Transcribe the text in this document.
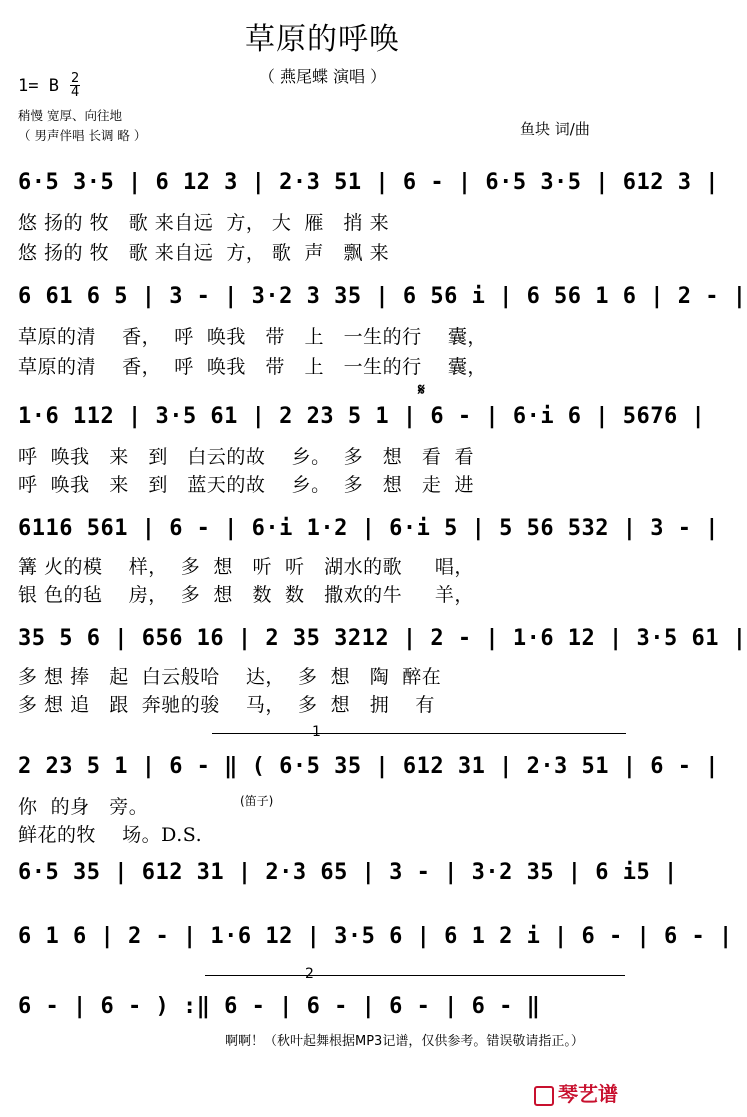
草原的呼唤
（ 燕尾蝶 演唱 ）
1= B 2
4
稍慢 宽厚、向往地
（ 男声伴唱 长调 略 ）	鱼块 词/曲
6·5 3·5 | 6 12 3 | 2·3 51 | 6 - | 6·5 3·5 | 612 3 |
悠 扬的 牧   歌 来自远  方， 大  雁   捎 来
悠 扬的 牧   歌 来自远  方， 歌  声   飘 来
6 61 6 5 | 3 - | 3·2 3 35 | 6 56 i | 6 56 1 6 | 2 - |
草原的清    香，  呼  唤我   带   上   一生的行    囊，
草原的清    香，  呼  唤我   带   上   一生的行    囊，
𝄋
1·6 112 | 3·5 61 | 2 23 5 1 | 6 - | 6·i 6 | 5676 |
呼  唤我   来   到   白云的故    乡。  多   想   看  看
呼  唤我   来   到   蓝天的故    乡。  多   想   走  进
6116 561 | 6 - | 6·i 1·2 | 6·i 5 | 5 56 532 | 3 - |
篝 火的模    样，  多  想   听  听   湖水的歌     唱，
银 色的毡    房，  多  想   数  数   撒欢的牛     羊，
35 5 6 | 656 16 | 2 35 3212 | 2 - | 1·6 12 | 3·5 61 |
多 想 捧   起  白云般哈    达，  多  想   陶  醉在
多 想 追   跟  奔驰的骏    马，  多  想   拥    有
1
2 23 5 1 | 6 - ‖ ( 6·5 35 | 612 31 | 2·3 51 | 6 - |
(笛子)
你  的身   旁。
鲜花的牧    场。D.S.
6·5 35 | 612 31 | 2·3 65 | 3 - | 3·2 35 | 6 i5 |
6 1 6 | 2 - | 1·6 12 | 3·5 6 | 6 1 2 i | 6 - | 6 - |
2
6 - | 6 - ) :‖ 6 - | 6 - | 6 - | 6 - ‖
啊啊！（秋叶起舞根据MP3记谱，仅供参考。错误敬请指正。）
琴艺谱
